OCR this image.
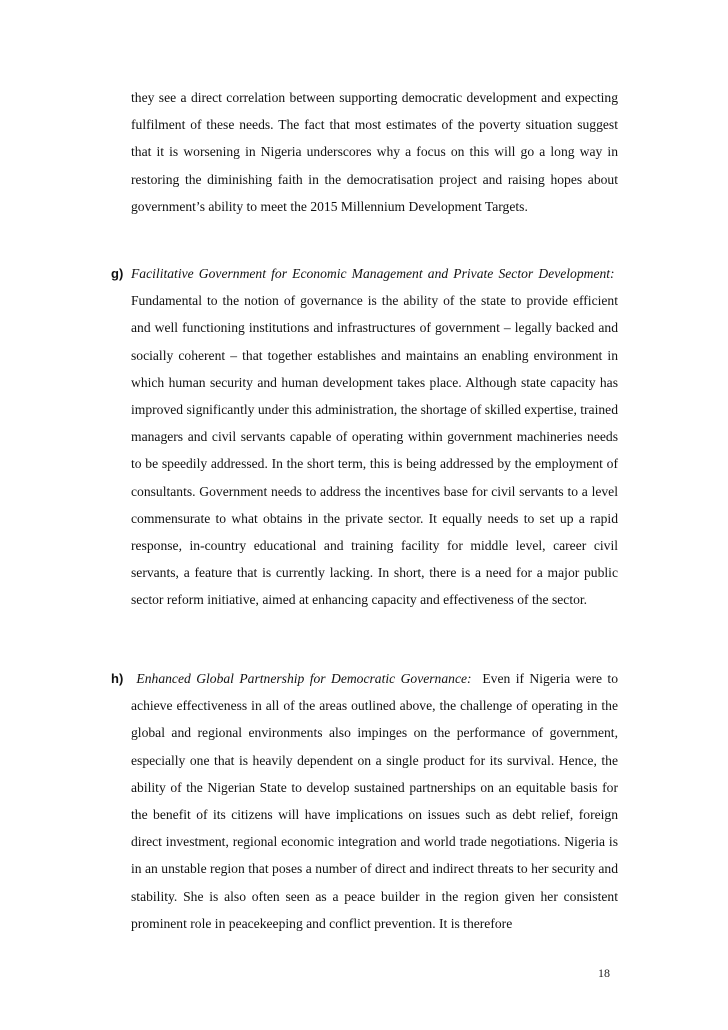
they see a direct correlation between supporting democratic development and expecting fulfilment of these needs. The fact that most estimates of the poverty situation suggest that it is worsening in Nigeria underscores why a focus on this will go a long way in restoring the diminishing faith in the democratisation project and raising hopes about government’s ability to meet the 2015 Millennium Development Targets.

g) Facilitative Government for Economic Management and Private Sector Development:  Fundamental to the notion of governance is the ability of the state to provide efficient and well functioning institutions and infrastructures of government – legally backed and socially coherent – that together establishes and maintains an enabling environment in which human security and human development takes place. Although state capacity has improved significantly under this administration, the shortage of skilled expertise, trained managers and civil servants capable of operating within government machineries needs to be speedily addressed. In the short term, this is being addressed by the employment of consultants. Government needs to address the incentives base for civil servants to a level commensurate to what obtains in the private sector. It equally needs to set up a rapid response, in-country educational and training facility for middle level, career civil servants, a feature that is currently lacking. In short, there is a need for a major public sector reform initiative, aimed at enhancing capacity and effectiveness of the sector.

h) Enhanced Global Partnership for Democratic Governance: Even if Nigeria were to achieve effectiveness in all of the areas outlined above, the challenge of operating in the global and regional environments also impinges on the performance of government, especially one that is heavily dependent on a single product for its survival. Hence, the ability of the Nigerian State to develop sustained partnerships on an equitable basis for the benefit of its citizens will have implications on issues such as debt relief, foreign direct investment, regional economic integration and world trade negotiations. Nigeria is in an unstable region that poses a number of direct and indirect threats to her security and stability. She is also often seen as a peace builder in the region given her consistent prominent role in peacekeeping and conflict prevention. It is therefore

18
